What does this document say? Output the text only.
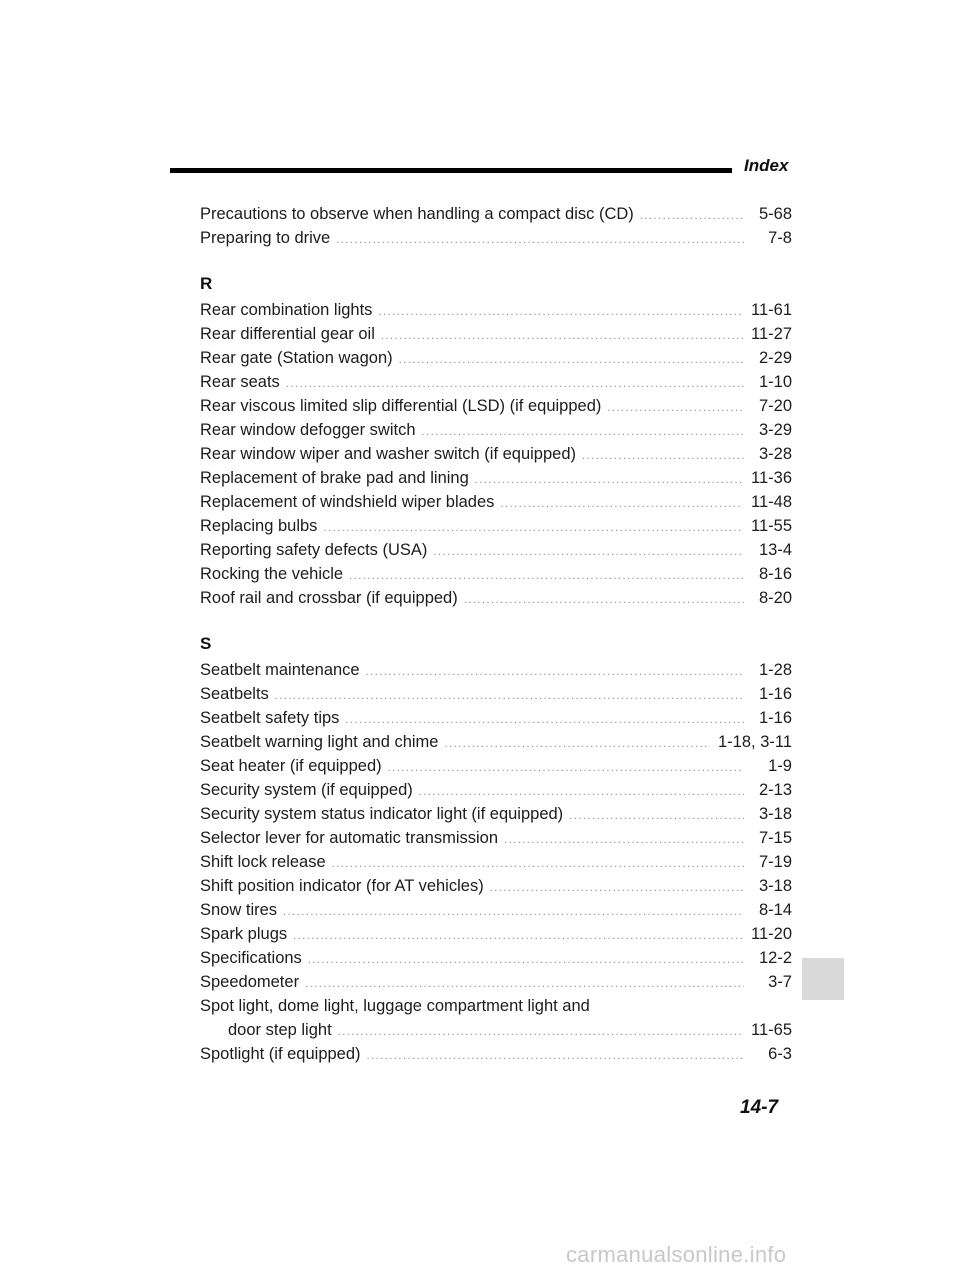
Index
Precautions to observe when handling a compact disc (CD) .....	5-68
Preparing to drive .....	7-8
R
Rear combination lights .....	11-61
Rear differential gear oil .....	11-27
Rear gate (Station wagon) .....	2-29
Rear seats .....	1-10
Rear viscous limited slip differential (LSD) (if equipped) .....	7-20
Rear window defogger switch .....	3-29
Rear window wiper and washer switch (if equipped) .....	3-28
Replacement of brake pad and lining .....	11-36
Replacement of windshield wiper blades .....	11-48
Replacing bulbs .....	11-55
Reporting safety defects (USA) .....	13-4
Rocking the vehicle .....	8-16
Roof rail and crossbar (if equipped) .....	8-20
S
Seatbelt maintenance .....	1-28
Seatbelts .....	1-16
Seatbelt safety tips .....	1-16
Seatbelt warning light and chime .....	1-18, 3-11
Seat heater (if equipped) .....	1-9
Security system (if equipped) .....	2-13
Security system status indicator light (if equipped) .....	3-18
Selector lever for automatic transmission .....	7-15
Shift lock release .....	7-19
Shift position indicator (for AT vehicles) .....	3-18
Snow tires .....	8-14
Spark plugs .....	11-20
Specifications .....	12-2
Speedometer .....	3-7
Spot light, dome light, luggage compartment light and
door step light .....	11-65
Spotlight (if equipped) .....	6-3
14-7
carmanualsonline.info
